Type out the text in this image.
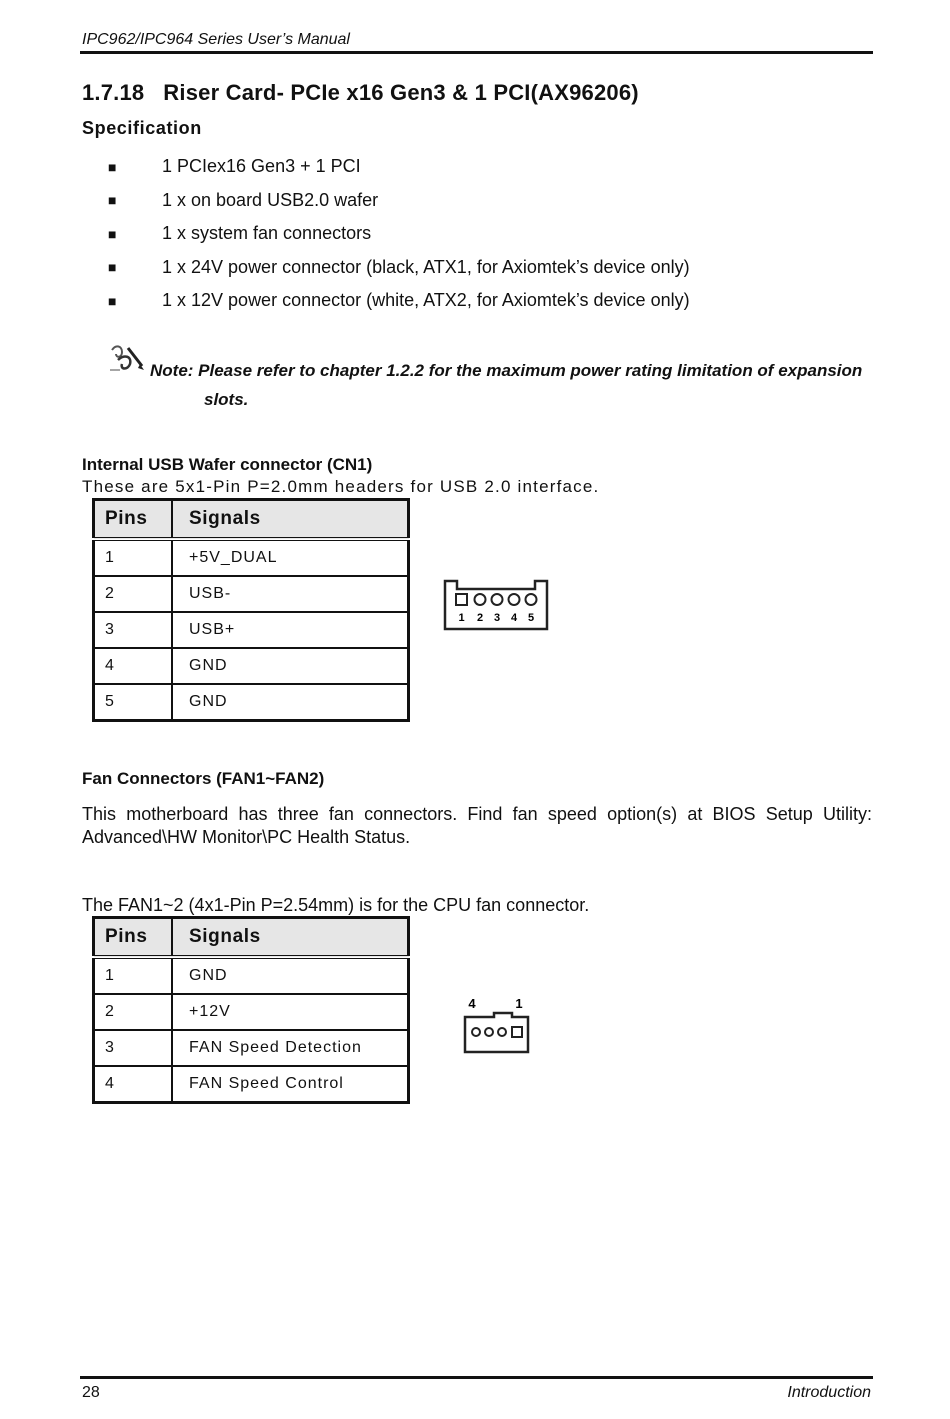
IPC962/IPC964 Series User’s Manual
1.7.18   Riser Card- PCIe x16 Gen3 & 1 PCI(AX96206)
Specification
■	1 PCIex16 Gen3 + 1 PCI
■	1 x on board USB2.0 wafer
■	1 x system fan connectors
■	1 x 24V power connector (black, ATX1, for Axiomtek’s device only)
■	1 x 12V power connector (white, ATX2, for Axiomtek’s device only)
Note: Please refer to chapter 1.2.2 for the maximum power rating limitation of expansion
slots.
Internal USB Wafer connector (CN1)
These are 5x1-Pin P=2.0mm headers for USB 2.0 interface.
Pins	Signals
1	+5V_DUAL
2	USB-
3	USB+
4	GND
5	GND
1 2 3 4 5
Fan Connectors (FAN1~FAN2)
This motherboard has three fan connectors. Find fan speed option(s) at BIOS Setup Utility: Advanced\HW Monitor\PC Health Status.
The FAN1~2 (4x1-Pin P=2.54mm) is for the CPU fan connector.
Pins	Signals
1	GND
2	+12V
3	FAN Speed Detection
4	FAN Speed Control
4	1
28	Introduction
